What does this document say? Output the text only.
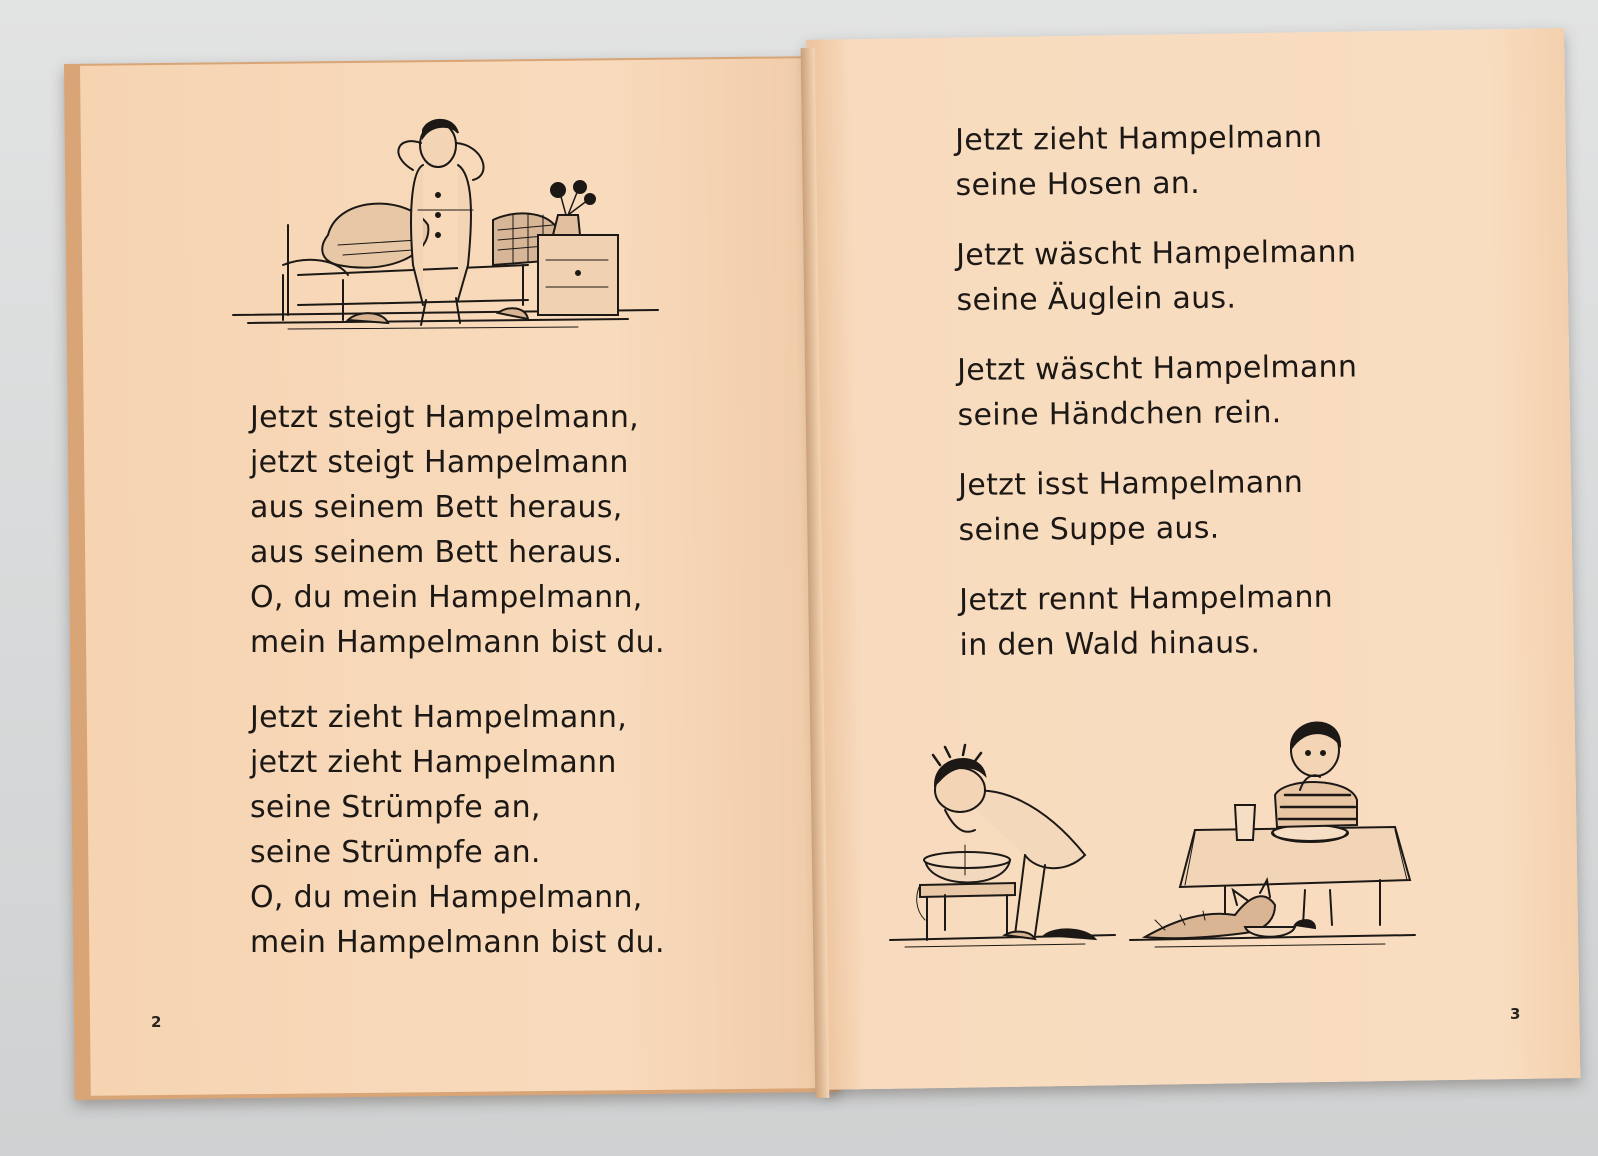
Jetzt steigt Hampelmann,
jetzt steigt Hampelmann
aus seinem Bett heraus,
aus seinem Bett heraus.
O, du mein Hampelmann,
mein Hampelmann bist du.
Jetzt zieht Hampelmann,
jetzt zieht Hampelmann
seine Strümpfe an,
seine Strümpfe an.
O, du mein Hampelmann,
mein Hampelmann bist du.
2
Jetzt zieht Hampelmann
seine Hosen an.
Jetzt wäscht Hampelmann
seine Äuglein aus.
Jetzt wäscht Hampelmann
seine Händchen rein.
Jetzt isst Hampelmann
seine Suppe aus.
Jetzt rennt Hampelmann
in den Wald hinaus.
3
